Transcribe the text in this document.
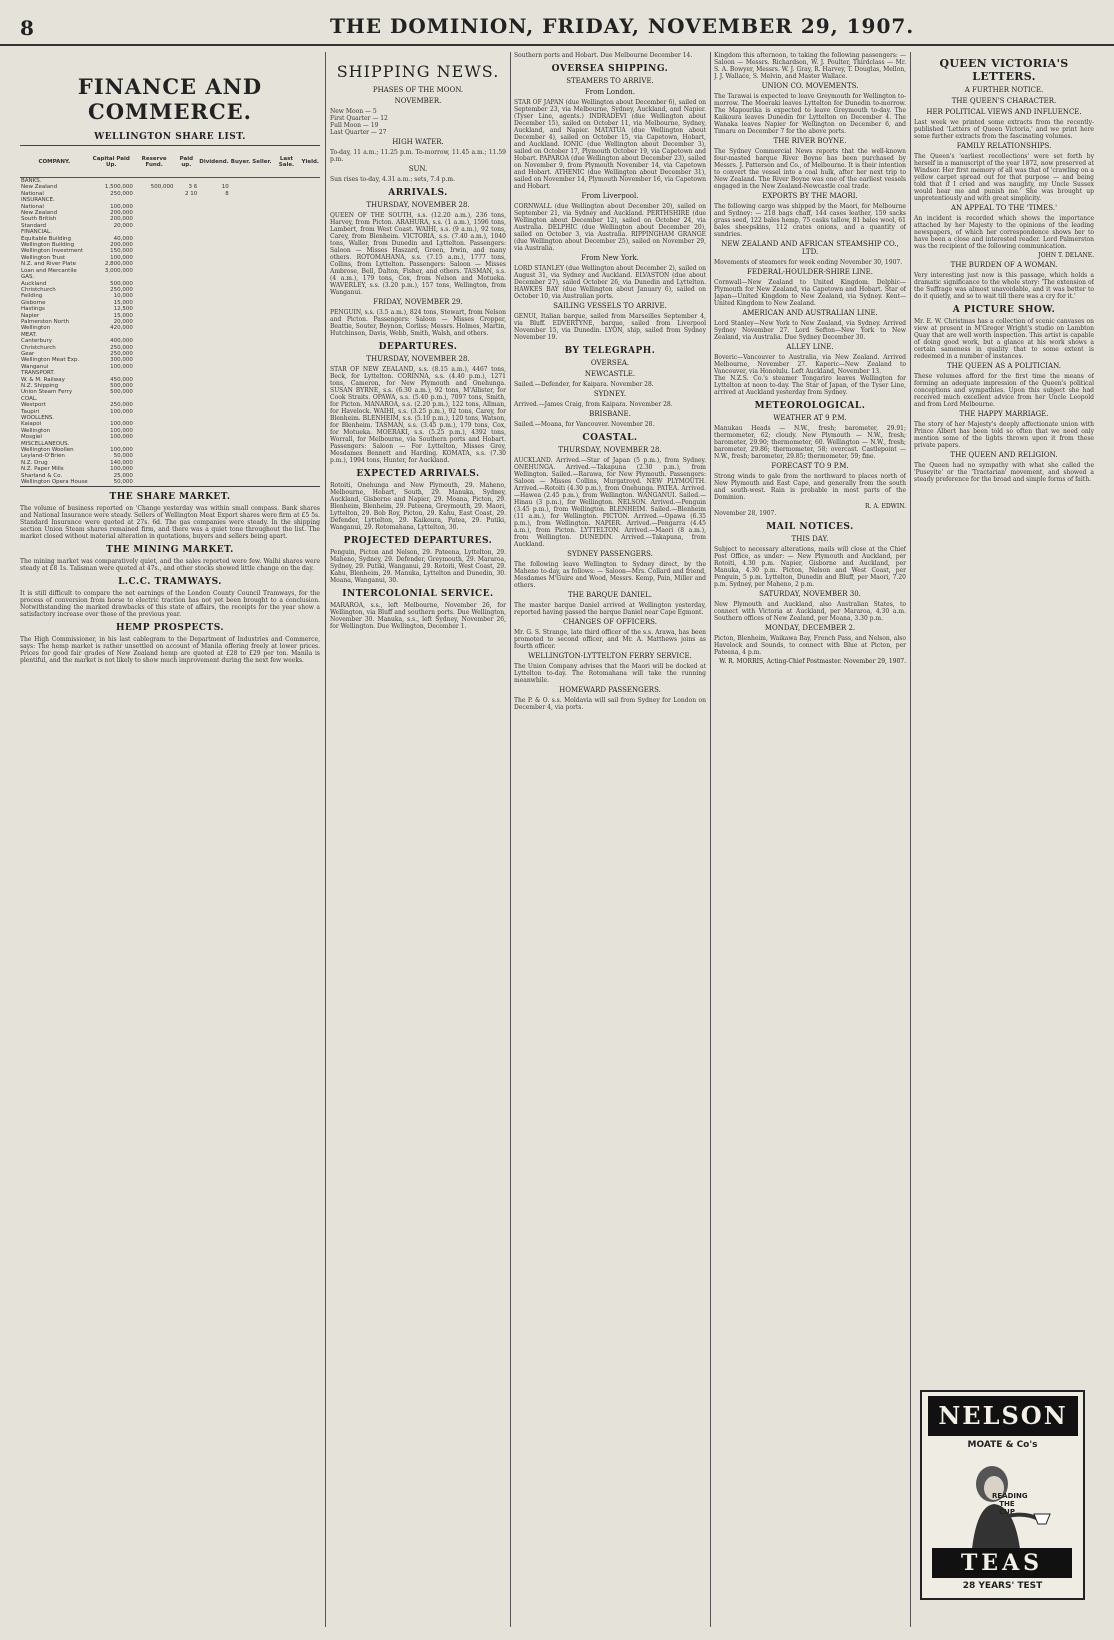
8	THE DOMINION, FRIDAY, NOVEMBER 29, 1907.
FINANCE AND COMMERCE.
WELLINGTON SHARE LIST.
COMPANY.	Capital Paid Up.	Reserve Fund.	Paid up.	Dividend.	Buyer.	Seller.	Last Sale.	Yield.
BANKS.								
New Zealand	1,500,000	500,000	3 6	10				
National	250,000		2 10	8				
INSURANCE.								
National	100,000							
New Zealand	200,000							
South British	200,000							
Standard	20,000							
FINANCIAL.								
Equitable Building	40,000							
Wellington Building	200,000							
Wellington Investment	150,000							
Wellington Trust	100,000							
N.Z. and River Plate	2,800,000							
Loan and Mercantile	3,000,000							
GAS.								
Auckland	500,000							
Christchurch	250,000							
Feilding	10,000							
Gisborne	15,000							
Hastings	12,500							
Napier	15,000							
Palmerston North	20,000							
Wellington	420,000							
MEAT.								
Canterbury	400,000							
Christchurch	250,000							
Gear	250,000							
Wellington Meat Exp.	300,000							
Wanganui	100,000							
TRANSPORT.								
W. & M. Railway	450,000							
N.Z. Shipping	500,000							
Union Steam Ferry	500,000							
COAL.								
Westport	250,000							
Taupiri	100,000							
WOOLLENS.								
Kaiapoi	100,000							
Wellington	100,000							
Mosgiel	100,000							
MISCELLANEOUS.								
Wellington Woollen	100,000							
Leyland-O'Brien	50,000							
N.Z. Drug	140,000							
N.Z. Paper Mills	100,000							
Sharland & Co.	25,000							
Wellington Opera House	50,000							
THE SHARE MARKET.
The volume of business reported on 'Change yesterday was within small compass. Bank shares and National Insurance were steady. Sellers of Wellington Meat Export shares were firm at £5 5s. Standard Insurance were quoted at 27s. 6d. The gas companies were steady. In the shipping section Union Steam shares remained firm, and there was a quiet tone throughout the list. The market closed without material alteration in quotations, buyers and sellers being apart.
THE MINING MARKET.
The mining market was comparatively quiet, and the sales reported were few. Waihi shares were steady at £8 1s. Talisman were quoted at 47s., and other stocks showed little change on the day.
L.C.C. TRAMWAYS.
It is still difficult to compare the net earnings of the London County Council Tramways, for the process of conversion from horse to electric traction has not yet been brought to a conclusion. Notwithstanding the marked drawbacks of this state of affairs, the receipts for the year show a satisfactory increase over those of the previous year.
HEMP PROSPECTS.
The High Commissioner, in his last cablegram to the Department of Industries and Commerce, says: The hemp market is rather unsettled on account of Manila offering freely at lower prices. Prices for good fair grades of New Zealand hemp are quoted at £28 to £29 per ton. Manila is plentiful, and the market is not likely to show much improvement during the next few weeks.
SHIPPING NEWS.
PHASES OF THE MOON.
NOVEMBER.
New Moon — 5
First Quarter — 12
Full Moon — 19
Last Quarter — 27
HIGH WATER.
To-day, 11 a.m.; 11.25 p.m. To-morrow, 11.45 a.m.; 11.59 p.m.
SUN.
Sun rises to-day, 4.31 a.m.; sets, 7.4 p.m.
ARRIVALS.
THURSDAY, NOVEMBER 28.
QUEEN OF THE SOUTH, s.s. (12.20 a.m.), 236 tons, Harvey, from Picton. ARAHURA, s.s. (1 a.m.), 1596 tons, Lambert, from West Coast. WAIHI, s.s. (9 a.m.), 92 tons, Carey, from Blenheim. VICTORIA, s.s. (7.40 a.m.), 1040 tons, Waller, from Dunedin and Lyttelton. Passengers: Saloon — Misses Haszard, Green, Irwin, and many others. ROTOMAHANA, s.s. (7.15 a.m.), 1777 tons, Collins, from Lyttelton. Passengers: Saloon — Misses Ambrose, Bell, Dalton, Fisher, and others. TASMAN, s.s. (4 a.m.), 179 tons, Cox, from Nelson and Motueka. WAVERLEY, s.s. (3.20 p.m.), 157 tons, Wellington, from Wanganui.
FRIDAY, NOVEMBER 29.
PENGUIN, s.s. (3.5 a.m.), 824 tons, Stewart, from Nelson and Picton. Passengers: Saloon — Misses Cropper, Beattie, Souter, Beynon, Corliss; Messrs. Holmes, Martin, Hutchinson, Davis, Webb, Smith, Walsh, and others.
DEPARTURES.
THURSDAY, NOVEMBER 28.
STAR OF NEW ZEALAND, s.s. (8.15 a.m.), 4467 tons, Beck, for Lyttelton. CORINNA, s.s. (4.40 p.m.), 1271 tons, Cameron, for New Plymouth and Onehunga. SUSAN BYRNE, s.s. (6.30 a.m.), 92 tons, M'Allister, for Cook Straits. OPAWA, s.s. (5.40 p.m.), 7097 tons, Smith, for Picton. MANAROA, s.s. (2.20 p.m.), 122 tons, Allman, for Havelock. WAIHI, s.s. (3.25 p.m.), 92 tons, Carey, for Blenheim. BLENHEIM, s.s. (5.10 p.m.), 120 tons, Watson, for Blenheim. TASMAN, s.s. (3.45 p.m.), 179 tons, Cox, for Motueka. MOERAKI, s.s. (5.25 p.m.), 4392 tons, Worrall, for Melbourne, via Southern ports and Hobart. Passengers: Saloon — For Lyttelton, Misses Grey, Mesdames Bennett and Harding. KOMATA, s.s. (7.30 p.m.), 1994 tons, Hunter, for Auckland.
EXPECTED ARRIVALS.
Rotoiti, Onehunga and New Plymouth, 29. Maheno, Melbourne, Hobart, South, 29. Manuka, Sydney, Auckland, Gisborne and Napier, 29. Moana, Picton, 29. Blenheim, Blenheim, 29. Pateena, Greymouth, 29. Maori, Lyttelton, 29. Bob Roy, Picton, 29. Kahu, East Coast, 29. Defender, Lyttelton, 29. Kaikoura, Patea, 29. Putiki, Wanganui, 29. Rotomahana, Lyttelton, 30.
PROJECTED DEPARTURES.
Penguin, Picton and Nelson, 29. Pateena, Lyttelton, 29. Maheno, Sydney, 29. Defender, Greymouth, 29. Mararoa, Sydney, 29. Putiki, Wanganui, 29. Rotoiti, West Coast, 29. Kahu, Blenheim, 29. Manuka, Lyttelton and Dunedin, 30. Moana, Wanganui, 30.
INTERCOLONIAL SERVICE.
MARAROA, s.s., left Melbourne, November 26, for Wellington, via Bluff and southern ports. Due Wellington, November 30. Manuka, s.s., left Sydney, November 26, for Wellington. Due Wellington, December 1.
Southern ports and Hobart. Due Melbourne December 14.
OVERSEA SHIPPING.
STEAMERS TO ARRIVE.
From London.
STAR OF JAPAN (due Wellington about December 6), sailed on September 23, via Melbourne, Sydney, Auckland, and Napier. (Tyser Line, agents.) INDRADEVI (due Wellington about December 15), sailed on October 11, via Melbourne, Sydney, Auckland, and Napier. MATATUA (due Wellington about December 4), sailed on October 15, via Capetown, Hobart, and Auckland. IONIC (due Wellington about December 3), sailed on October 17, Plymouth October 19, via Capetown and Hobart. PAPAROA (due Wellington about December 23), sailed on November 9, from Plymouth November 14, via Capetown and Hobart. ATHENIC (due Wellington about December 31), sailed on November 14, Plymouth November 16, via Capetown and Hobart.
From Liverpool.
CORNWALL (due Wellington about December 20), sailed on September 21, via Sydney and Auckland. PERTHSHIRE (due Wellington about December 12), sailed on October 24, via Australia. DELPHIC (due Wellington about December 20), sailed on October 3, via Australia. RIPPINGHAM GRANGE (due Wellington about December 25), sailed on November 29, via Australia.
From New York.
LORD STANLEY (due Wellington about December 2), sailed on August 31, via Sydney and Auckland. ELVASTON (due about December 27), sailed October 26, via Dunedin and Lyttelton. HAWKES BAY (due Wellington about January 6), sailed on October 10, via Australian ports.
SAILING VESSELS TO ARRIVE.
GENUI, Italian barque, sailed from Marseilles September 4, via Bluff. EDVERTYNE, barque, sailed from Liverpool November 15, via Dunedin. LYON, ship, sailed from Sydney November 19.
BY TELEGRAPH.
OVERSEA.
NEWCASTLE.
Sailed.—Defender, for Kaipara. November 28.
SYDNEY.
Arrived.—James Craig, from Kaipara. November 28.
BRISBANE.
Sailed.—Moana, for Vancouver. November 28.
COASTAL.
THURSDAY, NOVEMBER 28.
AUCKLAND. Arrived.—Star of Japan (5 p.m.), from Sydney. ONEHUNGA. Arrived.—Takapuna (2.30 p.m.), from Wellington. Sailed.—Rarawa, for New Plymouth. Passengers: Saloon — Misses Collins, Murgatroyd. NEW PLYMOUTH. Arrived.—Rotoiti (4.30 p.m.), from Onehunga. PATEA. Arrived.—Hawea (2.45 p.m.), from Wellington. WANGANUI. Sailed.—Hinau (3 p.m.), for Wellington. NELSON. Arrived.—Penguin (3.45 p.m.), from Wellington. BLENHEIM. Sailed.—Blenheim (11 a.m.), for Wellington. PICTON. Arrived.—Opawa (6.35 p.m.), from Wellington. NAPIER. Arrived.—Pengarra (4.45 a.m.), from Picton. LYTTELTON. Arrived.—Maori (8 a.m.), from Wellington. DUNEDIN. Arrived.—Takapuna, from Auckland.
SYDNEY PASSENGERS.
The following leave Wellington to Sydney direct, by the Maheno to-day, as follows: — Saloon—Mrs. Collard and friend, Mesdames M'Guire and Wood, Messrs. Kemp, Pain, Miller and others.
THE BARQUE DANIEL.
The master barque Daniel arrived at Wellington yesterday, reported having passed the barque Daniel near Cape Egmont.
CHANGES OF OFFICERS.
Mr. G. S. Strange, late third officer of the s.s. Arawa, has been promoted to second officer, and Mr. A. Matthews joins as fourth officer.
WELLINGTON-LYTTELTON FERRY SERVICE.
The Union Company advises that the Maori will be docked at Lyttelton to-day. The Rotomahana will take the running meanwhile.
HOMEWARD PASSENGERS.
The P. & O. s.s. Moldavia will sail from Sydney for London on December 4, via ports.
Kingdom this afternoon, to taking the following passengers: — Saloon — Messrs. Richardson, W. J. Poulter, Thirdclass — Mr. S. A. Bowyer, Messrs. W. J. Gray, R. Harvey, T. Douglas, Mellon, J. J. Wallace, S. Melvin, and Master Wallace.
UNION CO. MOVEMENTS.
The Tarawai is expected to leave Greymouth for Wellington to-morrow. The Moeraki leaves Lyttelton for Dunedin to-morrow. The Mapourika is expected to leave Greymouth to-day. The Kaikoura leaves Dunedin for Lyttelton on December 4. The Wanaka leaves Napier for Wellington on December 6, and Timaru on December 7 for the above ports.
THE RIVER BOYNE.
The Sydney Commercial News reports that the well-known four-masted barque River Boyne has been purchased by Messrs. J. Patterson and Co., of Melbourne. It is their intention to convert the vessel into a coal hulk, after her next trip to New Zealand. The River Boyne was one of the earliest vessels engaged in the New Zealand-Newcastle coal trade.
EXPORTS BY THE MAORI.
The following cargo was shipped by the Maori, for Melbourne and Sydney: — 218 bags chaff, 144 cases leather, 159 sacks grass seed, 122 bales hemp, 75 casks tallow, 81 bales wool, 61 bales sheepskins, 112 crates onions, and a quantity of sundries.
NEW ZEALAND AND AFRICAN STEAMSHIP CO., LTD.
Movements of steamers for week ending November 30, 1907.
FEDERAL-HOULDER-SHIRE LINE.
Cornwall—New Zealand to United Kingdom. Delphic—Plymouth for New Zealand, via Capetown and Hobart. Star of Japan—United Kingdom to New Zealand, via Sydney. Kent—United Kingdom to New Zealand.
AMERICAN AND AUSTRALIAN LINE.
Lord Stanley—New York to New Zealand, via Sydney. Arrived Sydney November 27. Lord Sefton—New York to New Zealand, via Australia. Due Sydney December 30.
ALLEY LINE.
Boveric—Vancouver to Australia, via New Zealand. Arrived Melbourne, November 27. Kaperic—New Zealand to Vancouver, via Honolulu. Left Auckland, November 13.
The N.Z.S. Co.'s steamer Tongariro leaves Wellington for Lyttelton at noon to-day. The Star of Japan, of the Tyser Line, arrived at Auckland yesterday from Sydney.
METEOROLOGICAL.
WEATHER AT 9 P.M.
Manukau Heads — N.W., fresh; barometer, 29.91; thermometer, 62; cloudy. New Plymouth — N.W., fresh; barometer, 29.90; thermometer, 60. Wellington — N.W., fresh; barometer, 29.86; thermometer, 58; overcast. Castlepoint — N.W., fresh; barometer, 29.85; thermometer, 59; fine.
FORECAST TO 9 P.M.
Strong winds to gale from the northward to places north of New Plymouth and East Cape, and generally from the south and south-west. Rain is probable in most parts of the Dominion.
R. A. EDWIN.
November 28, 1907.
MAIL NOTICES.
THIS DAY.
Subject to necessary alterations, mails will close at the Chief Post Office, as under: — New Plymouth and Auckland, per Rotoiti, 4.30 p.m. Napier, Gisborne and Auckland, per Manuka, 4.30 p.m. Picton, Nelson and West Coast, per Penguin, 5 p.m. Lyttelton, Dunedin and Bluff, per Maori, 7.20 p.m. Sydney, per Maheno, 2 p.m.
SATURDAY, NOVEMBER 30.
New Plymouth and Auckland, also Australian States, to connect with Victoria at Auckland, per Mararoa, 4.30 a.m. Southern offices of New Zealand, per Moana, 3.30 p.m.
MONDAY, DECEMBER 2.
Picton, Blenheim, Waikawa Bay, French Pass, and Nelson, also Havelock and Sounds, to connect with Blue at Picton, per Pateena, 4 p.m.
W. R. MORRIS, Acting-Chief Postmaster. November 29, 1907.
QUEEN VICTORIA'S LETTERS.
A FURTHER NOTICE.
THE QUEEN'S CHARACTER.
HER POLITICAL VIEWS AND INFLUENCE.
Last week we printed some extracts from the recently-published 'Letters of Queen Victoria,' and we print here some further extracts from the fascinating volumes.
FAMILY RELATIONSHIPS.
The Queen's 'earliest recollections' were set forth by herself in a manuscript of the year 1872, now preserved at Windsor. Her first memory of all was that of 'crawling on a yellow carpet spread out for that purpose — and being told that if I cried and was naughty, my Uncle Sussex would hear me and punish me.' She was brought up unpretentiously and with great simplicity.
AN APPEAL TO THE 'TIMES.'
An incident is recorded which shows the importance attached by her Majesty to the opinions of the leading newspapers, of which her correspondence shows her to have been a close and interested reader. Lord Palmerston was the recipient of the following communication.
JOHN T. DELANE.
THE BURDEN OF A WOMAN.
Very interesting just now is this passage, which holds a dramatic significance to the whole story: 'The extension of the Suffrage was almost unavoidable, and it was better to do it quietly, and so to wait till there was a cry for it.'
A PICTURE SHOW.
Mr. E. W. Christmas has a collection of scenic canvases on view at present in M'Gregor Wright's studio on Lambton Quay that are well worth inspection. This artist is capable of doing good work, but a glance at his work shows a certain sameness in quality that to some extent is redeemed in a number of instances.
THE QUEEN AS A POLITICIAN.
These volumes afford for the first time the means of forming an adequate impression of the Queen's political conceptions and sympathies. Upon this subject she had received much excellent advice from her Uncle Leopold and from Lord Melbourne.
THE HAPPY MARRIAGE.
The story of her Majesty's deeply affectionate union with Prince Albert has been told so often that we need only mention some of the lights thrown upon it from these private papers.
THE QUEEN AND RELIGION.
The Queen had no sympathy with what she called the 'Puseyite' or the 'Tractarian' movement, and showed a steady preference for the broad and simple forms of faith.
NELSON
MOATE & Co's
READING THE CUP
TEAS
28 YEARS' TEST
